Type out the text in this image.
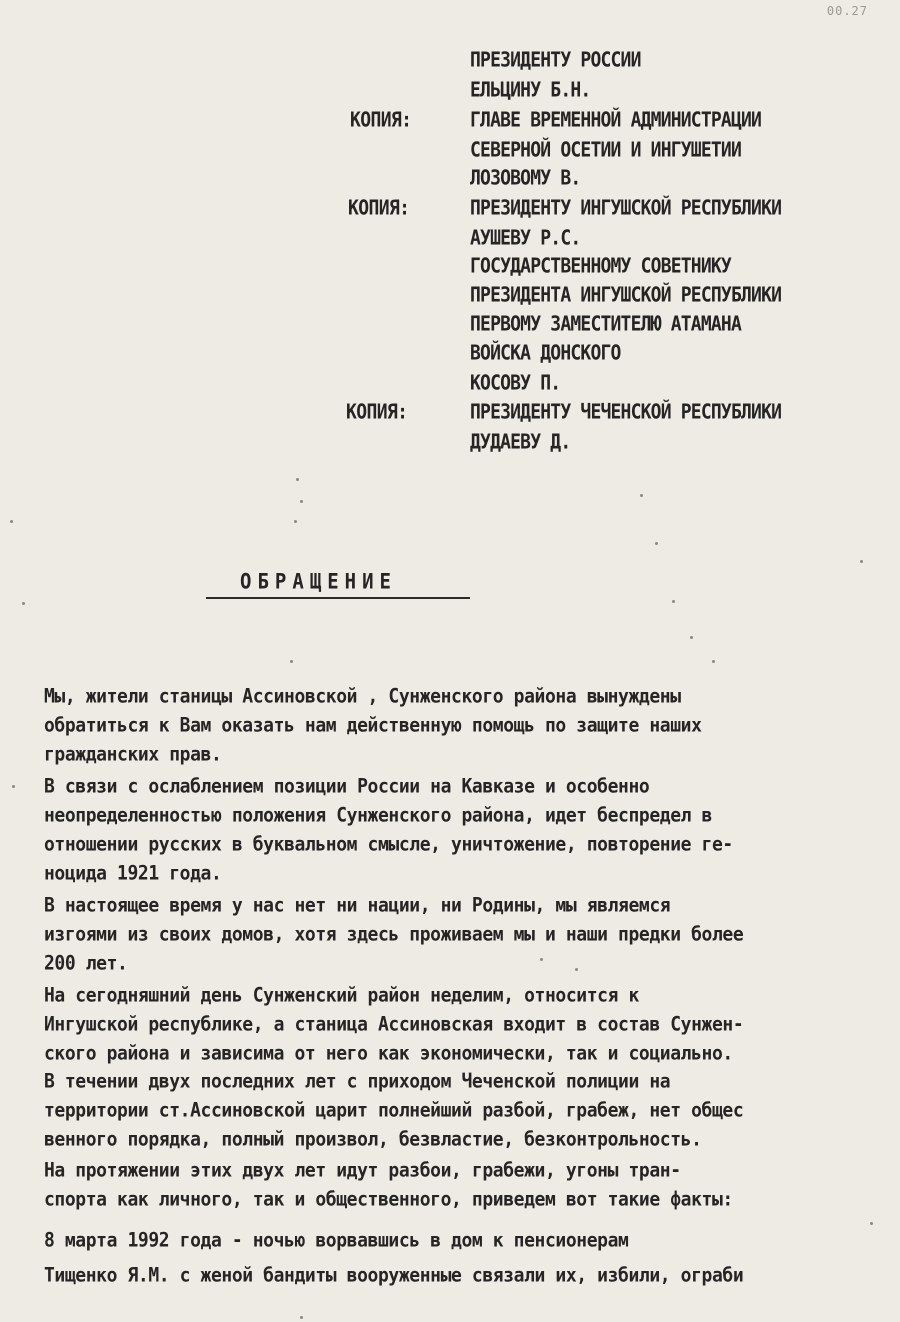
00.27
ПРЕЗИДЕНТУ РОССИИ
ЕЛЬЦИНУ Б.Н.
КОПИЯ:	ГЛАВЕ ВРЕМЕННОЙ АДМИНИСТРАЦИИ
СЕВЕРНОЙ ОСЕТИИ И ИНГУШЕТИИ
ЛОЗОВОМУ В.
КОПИЯ:	ПРЕЗИДЕНТУ ИНГУШСКОЙ РЕСПУБЛИКИ
АУШЕВУ Р.С.
ГОСУДАРСТВЕННОМУ СОВЕТНИКУ
ПРЕЗИДЕНТА ИНГУШСКОЙ РЕСПУБЛИКИ
ПЕРВОМУ ЗАМЕСТИТЕЛЮ АТАМАНА
ВОЙСКА ДОНСКОГО
КОСОВУ П.
КОПИЯ:	ПРЕЗИДЕНТУ ЧЕЧЕНСКОЙ РЕСПУБЛИКИ
ДУДАЕВУ Д.
ОБРАЩЕНИЕ
Мы, жители станицы Ассиновской , Сунженского района вынуждены
обратиться к Вам оказать нам действенную помощь по защите наших
гражданских прав.
В связи с ослаблением позиции России на Кавказе и особенно
неопределенностью положения Сунженского района, идет беспредел в
отношении русских в буквальном смысле, уничтожение, повторение ге-
ноцида 1921 года.
В настоящее время у нас нет ни нации, ни Родины, мы являемся
изгоями из своих домов, хотя здесь проживаем мы и наши предки более
200 лет.
На сегодняшний день Сунженский район неделим, относится к
Ингушской республике, а станица Ассиновская входит в состав Сунжен-
ского района и зависима от него как экономически, так и социально.
В течении двух последних лет с приходом Чеченской полиции на
территории ст.Ассиновской царит полнейший разбой, грабеж, нет общес
венного порядка, полный произвол, безвластие, безконтрольность.
На протяжении этих двух лет идут разбои, грабежи, угоны тран-
спорта как личного, так и общественного, приведем вот такие факты:
8 марта 1992 года - ночью ворвавшись в дом к пенсионерам
Тищенко Я.М. с женой бандиты вооруженные связали их, избили, ограби
